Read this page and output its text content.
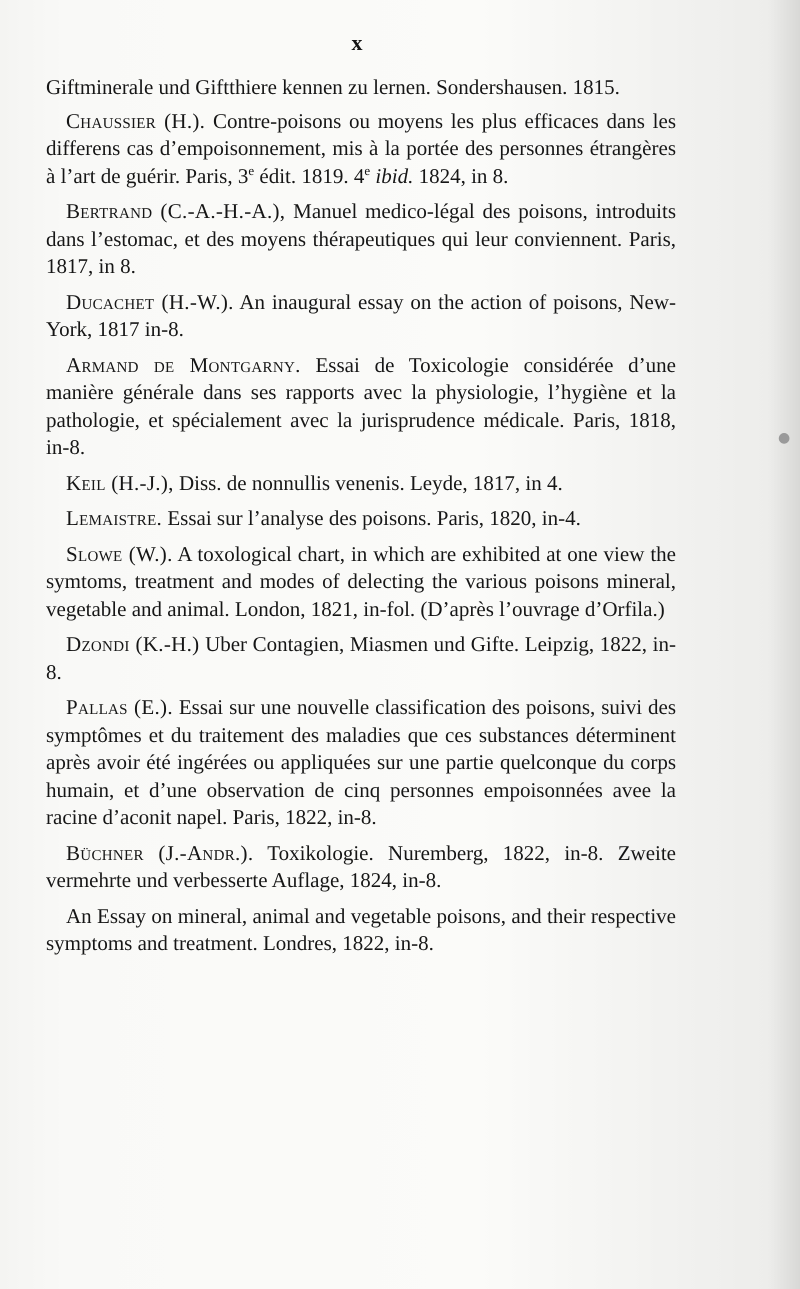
x

Giftminerale und Giftthiere kennen zu lernen. Sondershausen. 1815.

Chaussier (H.). Contre-poisons ou moyens les plus efficaces dans les differens cas d’empoisonnement, mis à la portée des personnes étrangères à l’art de guérir. Paris, 3e édit. 1819. 4e ibid. 1824, in 8.

Bertrand (C.-A.-H.-A.), Manuel medico-légal des poisons, introduits dans l’estomac, et des moyens thérapeutiques qui leur conviennent. Paris, 1817, in 8.

Ducachet (H.-W.). An inaugural essay on the action of poisons, New-York, 1817 in-8.

Armand de Montgarny. Essai de Toxicologie considérée d’une manière générale dans ses rapports avec la physiologie, l’hygiène et la pathologie, et spécialement avec la jurisprudence médicale. Paris, 1818, in-8.

Keil (H.-J.), Diss. de nonnullis venenis. Leyde, 1817, in 4.

Lemaistre. Essai sur l’analyse des poisons. Paris, 1820, in-4.

Slowe (W.). A toxological chart, in which are exhibited at one view the symtoms, treatment and modes of delecting the various poisons mineral, vegetable and animal. London, 1821, in-fol. (D’après l’ouvrage d’Orfila.)

Dzondi (K.-H.) Uber Contagien, Miasmen und Gifte. Leipzig, 1822, in-8.

Pallas (E.). Essai sur une nouvelle classification des poisons, suivi des symptômes et du traitement des maladies que ces substances déterminent après avoir été ingérées ou appliquées sur une partie quelconque du corps humain, et d’une observation de cinq personnes empoisonnées avee la racine d’aconit napel. Paris, 1822, in-8.

Büchner (J.-Andr.). Toxikologie. Nuremberg, 1822, in-8. Zweite vermehrte und verbesserte Auflage, 1824, in-8.

An Essay on mineral, animal and vegetable poisons, and their respective symptoms and treatment. Londres, 1822, in-8.

●
